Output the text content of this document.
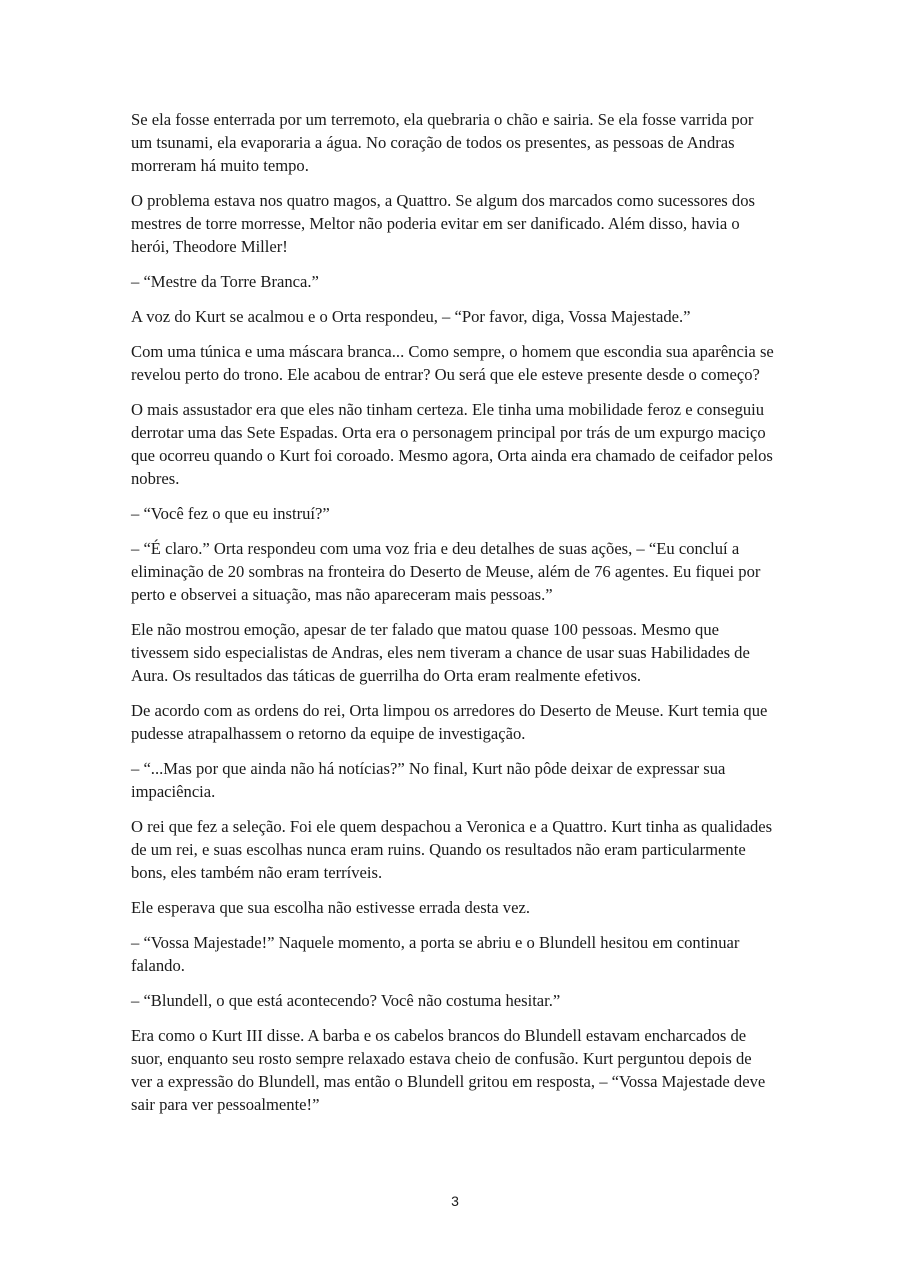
Se ela fosse enterrada por um terremoto, ela quebraria o chão e sairia. Se ela fosse varrida por um tsunami, ela evaporaria a água. No coração de todos os presentes, as pessoas de Andras morreram há muito tempo.

O problema estava nos quatro magos, a Quattro. Se algum dos marcados como sucessores dos mestres de torre morresse, Meltor não poderia evitar em ser danificado. Além disso, havia o herói, Theodore Miller!

– “Mestre da Torre Branca.”

A voz do Kurt se acalmou e o Orta respondeu, – “Por favor, diga, Vossa Majestade.”

Com uma túnica e uma máscara branca... Como sempre, o homem que escondia sua aparência se revelou perto do trono. Ele acabou de entrar? Ou será que ele esteve presente desde o começo?

O mais assustador era que eles não tinham certeza. Ele tinha uma mobilidade feroz e conseguiu derrotar uma das Sete Espadas. Orta era o personagem principal por trás de um expurgo maciço que ocorreu quando o Kurt foi coroado. Mesmo agora, Orta ainda era chamado de ceifador pelos nobres.

– “Você fez o que eu instruí?”

– “É claro.” Orta respondeu com uma voz fria e deu detalhes de suas ações, – “Eu concluí a eliminação de 20 sombras na fronteira do Deserto de Meuse, além de 76 agentes. Eu fiquei por perto e observei a situação, mas não apareceram mais pessoas.”

Ele não mostrou emoção, apesar de ter falado que matou quase 100 pessoas. Mesmo que tivessem sido especialistas de Andras, eles nem tiveram a chance de usar suas Habilidades de Aura. Os resultados das táticas de guerrilha do Orta eram realmente efetivos.

De acordo com as ordens do rei, Orta limpou os arredores do Deserto de Meuse. Kurt temia que pudesse atrapalhassem o retorno da equipe de investigação.

– “...Mas por que ainda não há notícias?” No final, Kurt não pôde deixar de expressar sua impaciência.

O rei que fez a seleção. Foi ele quem despachou a Veronica e a Quattro. Kurt tinha as qualidades de um rei, e suas escolhas nunca eram ruins. Quando os resultados não eram particularmente bons, eles também não eram terríveis.

Ele esperava que sua escolha não estivesse errada desta vez.

– “Vossa Majestade!” Naquele momento, a porta se abriu e o Blundell hesitou em continuar falando.

– “Blundell, o que está acontecendo? Você não costuma hesitar.”

Era como o Kurt III disse. A barba e os cabelos brancos do Blundell estavam encharcados de suor, enquanto seu rosto sempre relaxado estava cheio de confusão. Kurt perguntou depois de ver a expressão do Blundell, mas então o Blundell gritou em resposta, – “Vossa Majestade deve sair para ver pessoalmente!”

3
